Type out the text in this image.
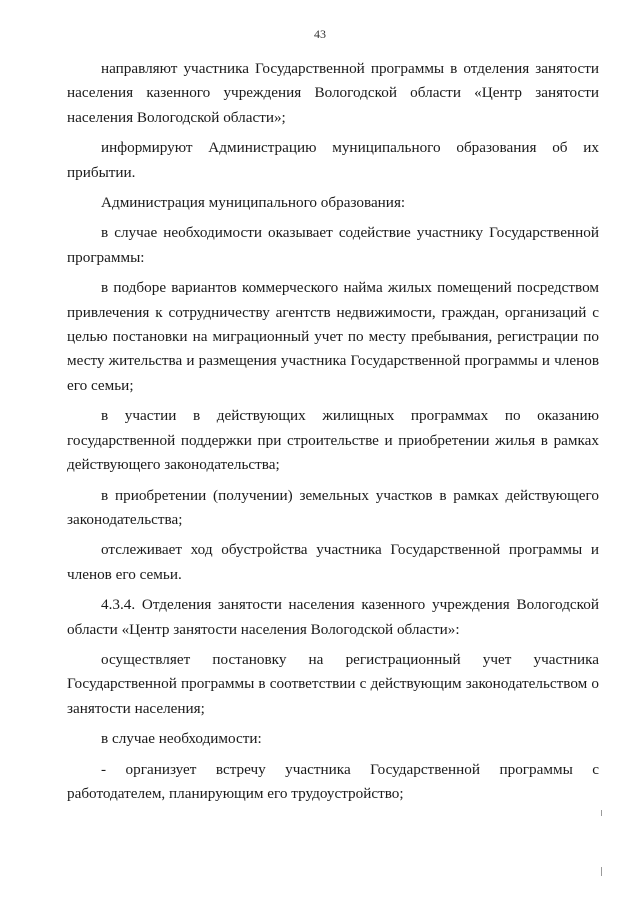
43

направляют участника Государственной программы в отделения занятости населения казенного учреждения Вологодской области «Центр занятости населения Вологодской области»;

информируют Администрацию муниципального образования об их прибытии.

Администрация муниципального образования:

в случае необходимости оказывает содействие участнику Государственной программы:

в подборе вариантов коммерческого найма жилых помещений посредством привлечения к сотрудничеству агентств недвижимости, граждан, организаций с целью постановки на миграционный учет по месту пребывания, регистрации по месту жительства и размещения участника Государственной программы и членов его семьи;

в участии в действующих жилищных программах по оказанию государственной поддержки при строительстве и приобретении жилья в рамках действующего законодательства;

в приобретении (получении) земельных участков в рамках действующего законодательства;

отслеживает ход обустройства участника Государственной программы и членов его семьи.

4.3.4. Отделения занятости населения казенного учреждения Вологодской области «Центр занятости населения Вологодской области»:

осуществляет постановку на регистрационный учет участника Государственной программы в соответствии с действующим законодательством о занятости населения;

в случае необходимости:

- организует встречу участника Государственной программы с работодателем, планирующим его трудоустройство;
